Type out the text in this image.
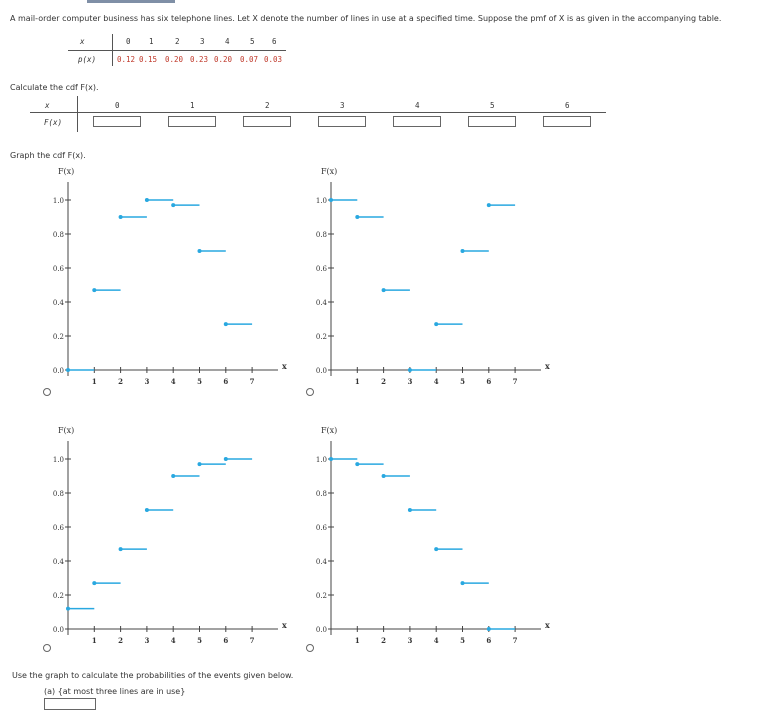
A mail-order computer business has six telephone lines. Let X denote the number of lines in use at a specified time. Suppose the pmf of X is as given in the accompanying table.
x
p(x)
0 1	2	3	4	5 6
0.12 0.15 0.20 0.23 0.20 0.07 0.03
Calculate the cdf F(x).
x
F(x)
0	1	2	3	4	5	6
Graph the cdf F(x).
F(x)
x
0.0
0.2
0.4
0.6
0.8
1.0
1	2	3	4	5	6	7
F(x)
x
0.0
0.2
0.4
0.6
0.8
1.0
1	2	3	4	5	6	7
F(x)
x
0.0
0.2
0.4
0.6
0.8
1.0
1	2	3	4	5	6	7
F(x)
x
0.0
0.2
0.4
0.6
0.8
1.0
1	2	3	4	5	6	7
Use the graph to calculate the probabilities of the events given below.
(a) {at most three lines are in use}
